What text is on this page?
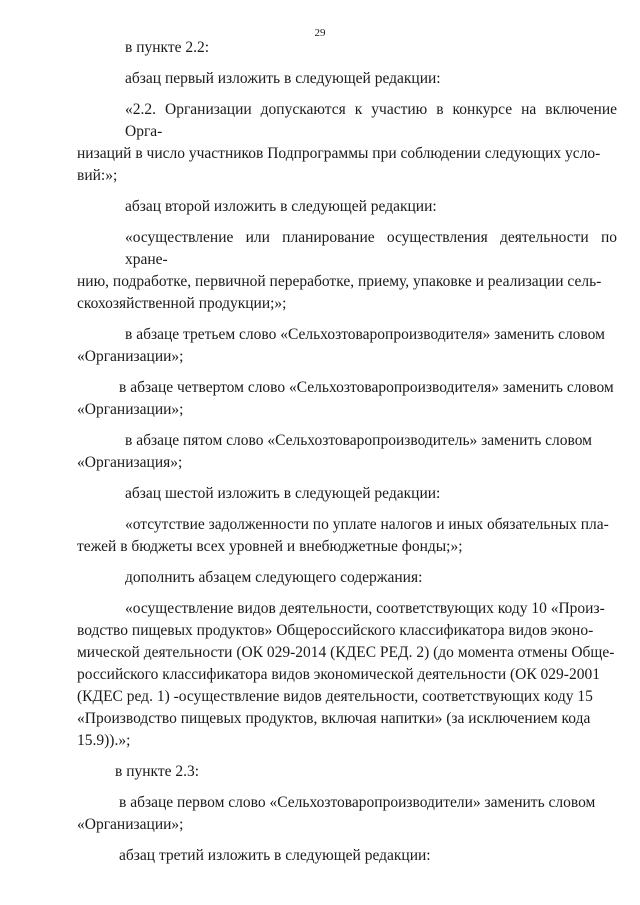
29

в пункте 2.2:

абзац первый изложить в следующей редакции:

«2.2. Организации допускаются к участию в конкурсе на включение Орга-
низаций в число участников Подпрограммы при соблюдении следующих усло-
вий:»;

абзац второй изложить в следующей редакции:

«осуществление или планирование осуществления деятельности по хране-
нию, подработке, первичной переработке, приему, упаковке и реализации сель-
скохозяйственной продукции;»;
в абзаце третьем слово «Сельхозтоваропроизводителя» заменить словом
«Организации»;
в абзаце четвертом слово «Сельхозтоваропроизводителя» заменить словом
«Организации»;
в абзаце пятом слово «Сельхозтоваропроизводитель» заменить словом
«Организация»;

абзац шестой изложить в следующей редакции:

«отсутствие задолженности по уплате налогов и иных обязательных пла-
тежей в бюджеты всех уровней и внебюджетные фонды;»;

дополнить абзацем следующего содержания:

«осуществление видов деятельности, соответствующих коду 10 «Произ-
водство пищевых продуктов» Общероссийского классификатора видов эконо-
мической деятельности (ОК 029-2014 (КДЕС РЕД. 2) (до момента отмены Обще-
российского классификатора видов экономической деятельности (ОК 029-2001
(КДЕС ред. 1) -осуществление видов деятельности, соответствующих коду 15
«Производство пищевых продуктов, включая напитки» (за исключением кода
15.9)).»;

в пункте 2.3:

в абзаце первом слово «Сельхозтоваропроизводители» заменить словом
«Организации»;

абзац третий изложить в следующей редакции:
